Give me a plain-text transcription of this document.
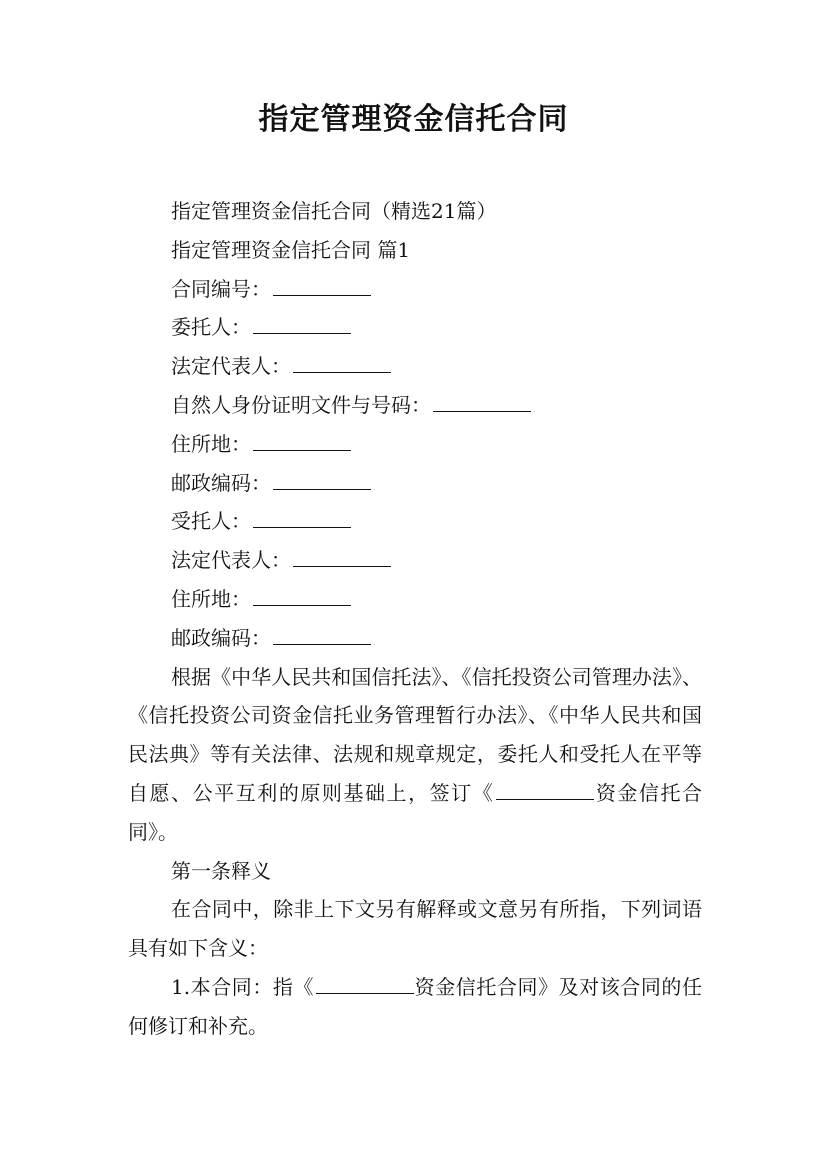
指定管理资金信托合同

指定管理资金信托合同（精选21篇）

指定管理资金信托合同 篇1

合同编号：

委托人：

法定代表人：

自然人身份证明文件与号码：

住所地：

邮政编码：

受托人：

法定代表人：

住所地：

邮政编码：

根据《中华人民共和国信托法》、《信托投资公司管理办法》、《信托投资公司资金信托业务管理暂行办法》、《中华人民共和国民法典》等有关法律、法规和规章规定，委托人和受托人在平等自愿、公平互利的原则基础上，签订《	资金信托合同》。

第一条释义

在合同中，除非上下文另有解释或文意另有所指，下列词语具有如下含义：

1.本合同：指《	资金信托合同》及对该合同的任何修订和补充。
